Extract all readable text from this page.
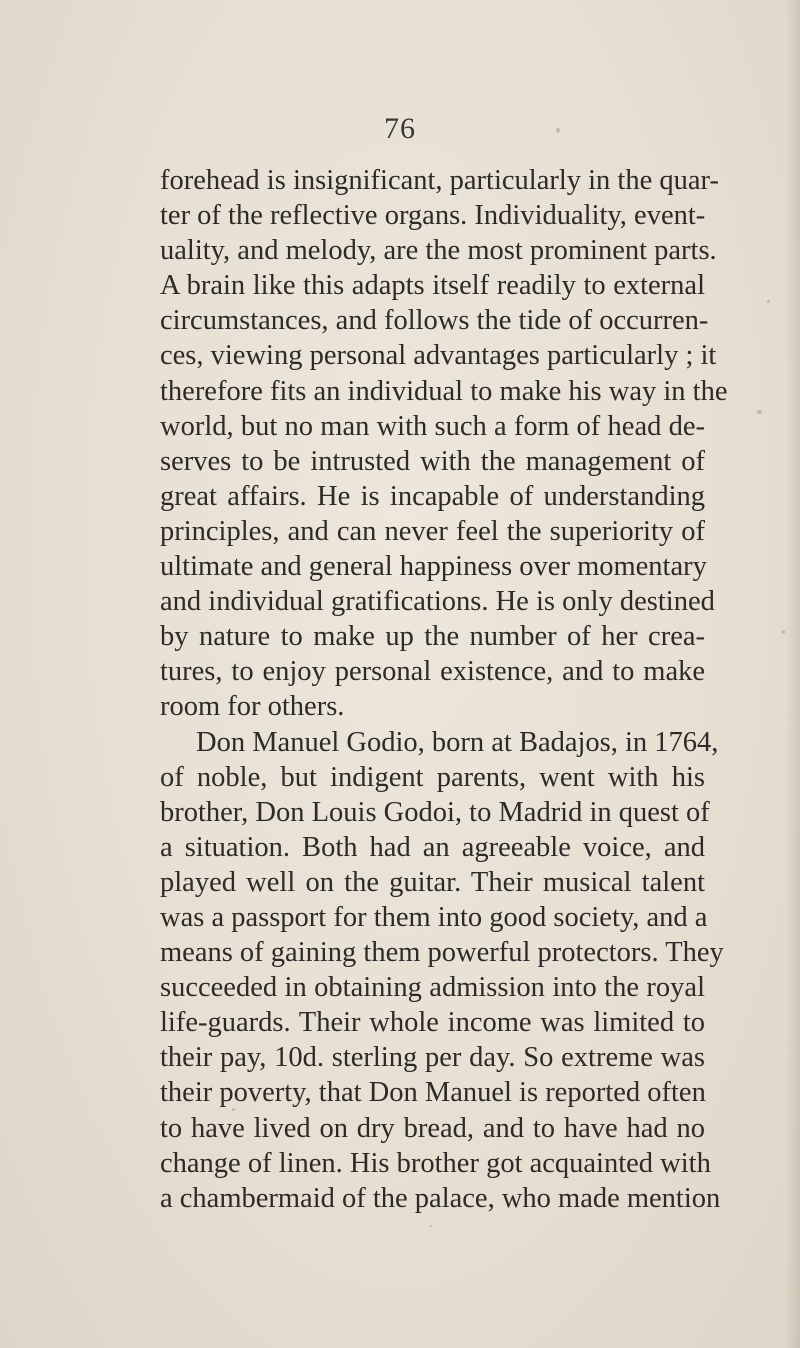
76
forehead is insignificant, particularly in the quar-
ter of the reflective organs. Individuality, event-
uality, and melody, are the most prominent parts.
A brain like this adapts itself readily to external
circumstances, and follows the tide of occurren-
ces, viewing personal advantages particularly ; it
therefore fits an individual to make his way in the
world, but no man with such a form of head de-
serves to be intrusted with the management of
great affairs. He is incapable of understanding
principles, and can never feel the superiority of
ultimate and general happiness over momentary
and individual gratifications. He is only destined
by nature to make up the number of her crea-
tures, to enjoy personal existence, and to make
room for others.
Don Manuel Godio, born at Badajos, in 1764,
of noble, but indigent parents, went with his
brother, Don Louis Godoi, to Madrid in quest of
a situation. Both had an agreeable voice, and
played well on the guitar. Their musical talent
was a passport for them into good society, and a
means of gaining them powerful protectors. They
succeeded in obtaining admission into the royal
life-guards. Their whole income was limited to
their pay, 10d. sterling per day. So extreme was
their poverty, that Don Manuel is reported often
to have lived on dry bread, and to have had no
change of linen. His brother got acquainted with
a chambermaid of the palace, who made mention
